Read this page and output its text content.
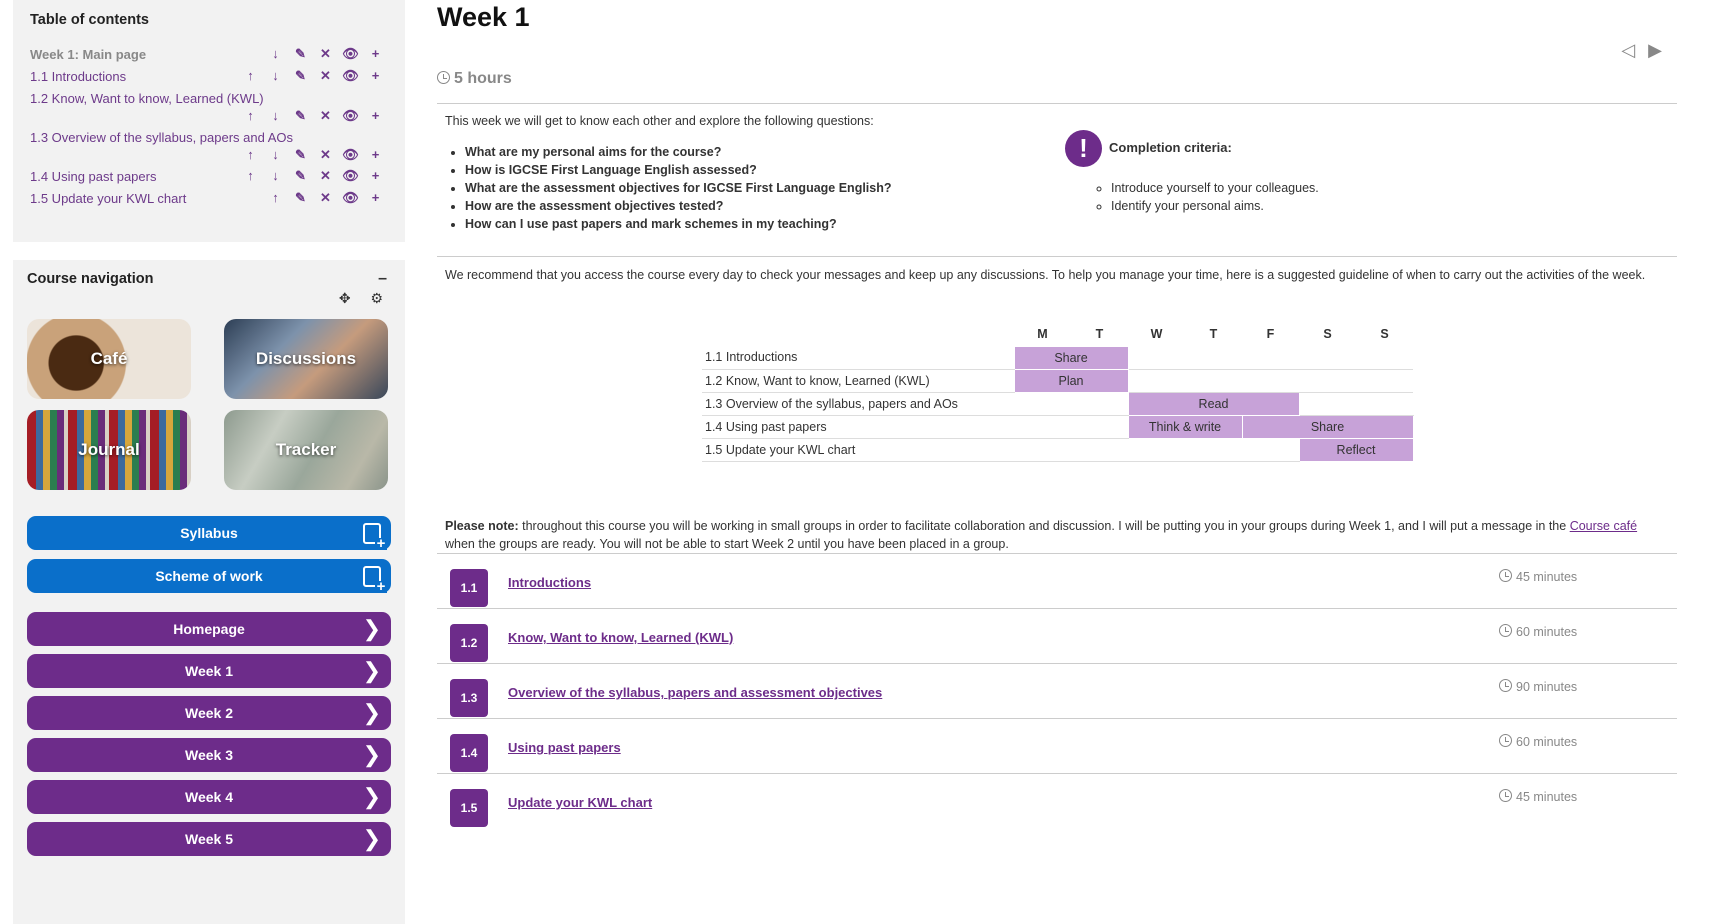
Table of contents
Week 1: Main page	↓	✎	✕ 👁 +
1.1 Introductions	↑	↓	✎	✕ 👁 +
1.2 Know, Want to know, Learned (KWL)
↑	↓	✎	✕ 👁 +
1.3 Overview of the syllabus, papers and AOs
↑	↓	✎	✕ 👁 +
1.4 Using past papers	↑	↓	✎	✕ 👁 +
1.5 Update your KWL chart	↑	✎	✕ 👁 +
Course navigation	–
✥ ⚙
Café	Discussions
Journal	Tracker
Syllabus
+
Scheme of work
+
Homepage	❯
Week 1	❯
Week 2	❯
Week 3	❯
Week 4	❯
Week 5	❯
Week 1
◁ ▶
5 hours

This week we will get to know each other and explore the following questions:

• What are my personal aims for the course?
• How is IGCSE First Language English assessed?
• What are the assessment objectives for IGCSE First Language English?
• How are the assessment objectives tested?
• How can I use past papers and mark schemes in my teaching?
!	Completion criteria:
◦ Introduce yourself to your colleagues.
◦ Identify your personal aims.

We recommend that you access the course every day to check your messages and keep up any discussions. To help you manage your time, here is a suggested guideline of when to carry out the activities of the week.

	M	T	W	T	F	S	S
1.1 Introductions	Share						
1.2 Know, Want to know, Learned (KWL)	Plan						
1.3 Overview of the syllabus, papers and AOs			Read				
1.4 Using past papers			Think & write		Share		
1.5 Update your KWL chart						Reflect	

Please note: throughout this course you will be working in small groups in order to facilitate collaboration and discussion. I will be putting you in your groups during Week 1, and I will put a message in the Course café when the groups are ready. You will not be able to start Week 2 until you have been placed in a group.

1.1	Introductions	45 minutes
1.2	Know, Want to know, Learned (KWL)	60 minutes
1.3	Overview of the syllabus, papers and assessment objectives	90 minutes
1.4	Using past papers	60 minutes
1.5	Update your KWL chart	45 minutes
